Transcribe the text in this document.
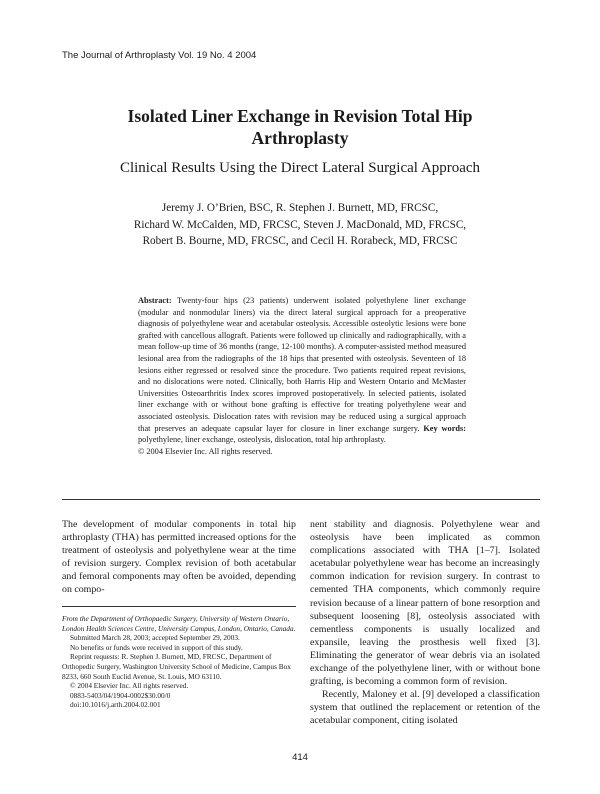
The Journal of Arthroplasty Vol. 19 No. 4 2004
Isolated Liner Exchange in Revision Total Hip
Arthroplasty
Clinical Results Using the Direct Lateral Surgical Approach
Jeremy J. O’Brien, BSC, R. Stephen J. Burnett, MD, FRCSC,
Richard W. McCalden, MD, FRCSC, Steven J. MacDonald, MD, FRCSC,
Robert B. Bourne, MD, FRCSC, and Cecil H. Rorabeck, MD, FRCSC
Abstract: Twenty-four hips (23 patients) underwent isolated polyethylene liner exchange (modular and nonmodular liners) via the direct lateral surgical approach for a preoperative diagnosis of polyethylene wear and acetabular osteolysis. Accessible osteolytic lesions were bone grafted with cancellous allograft. Patients were followed up clinically and radiographically, with a mean follow-up time of 36 months (range, 12-100 months). A computer-assisted method measured lesional area from the radiographs of the 18 hips that presented with osteolysis. Seventeen of 18 lesions either regressed or resolved since the procedure. Two patients required repeat revisions, and no dislocations were noted. Clinically, both Harris Hip and Western Ontario and McMaster Universities Osteoarthritis Index scores improved postoperatively. In selected patients, isolated liner exchange with or without bone grafting is effective for treating polyethylene wear and associated osteolysis. Dislocation rates with revision may be reduced using a surgical approach that preserves an adequate capsular layer for closure in liner exchange surgery. Key words: polyethylene, liner exchange, osteolysis, dislocation, total hip arthroplasty.
© 2004 Elsevier Inc. All rights reserved.

The development of modular components in total hip arthroplasty (THA) has permitted increased options for the treatment of osteolysis and polyethylene wear at the time of revision surgery. Complex revision of both acetabular and femoral components may often be avoided, depending on compo-

From the Department of Orthopaedic Surgery, University of Western Ontario, London Health Sciences Centre, University Campus, London, Ontario, Canada.
Submitted March 28, 2003; accepted September 29, 2003.
No benefits or funds were received in support of this study.
Reprint requests: R. Stephen J. Burnett, MD, FRCSC, Department of Orthopedic Surgery, Washington University School of Medicine, Campus Box 8233, 660 South Euclid Avenue, St. Louis, MO 63110.
© 2004 Elsevier Inc. All rights reserved.
0883-5403/04/1904-0002$30.00/0
doi:10.1016/j.arth.2004.02.001

nent stability and diagnosis. Polyethylene wear and osteolysis have been implicated as common complications associated with THA [1–7]. Isolated acetabular polyethylene wear has become an increasingly common indication for revision surgery. In contrast to cemented THA components, which commonly require revision because of a linear pattern of bone resorption and subsequent loosening [8], osteolysis associated with cementless components is usually localized and expansile, leaving the prosthesis well fixed [3]. Eliminating the generator of wear debris via an isolated exchange of the polyethylene liner, with or without bone grafting, is becoming a common form of revision.

Recently, Maloney et al. [9] developed a classification system that outlined the replacement or retention of the acetabular component, citing isolated

414
